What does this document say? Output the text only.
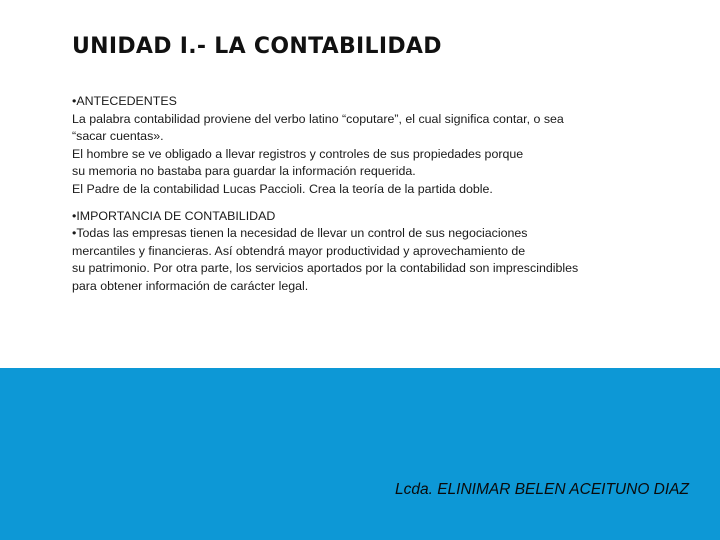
UNIDAD I.- LA CONTABILIDAD
•ANTECEDENTES
La palabra contabilidad proviene del verbo latino “coputare”, el cual significa contar, o sea
“sacar cuentas».
El hombre se ve obligado a llevar registros y controles de sus propiedades porque
su memoria no bastaba para guardar la información requerida.
El Padre de la contabilidad Lucas Paccioli. Crea la teoría de la partida doble.
•IMPORTANCIA DE CONTABILIDAD
•Todas las empresas tienen la necesidad de llevar un control de sus negociaciones
mercantiles y financieras. Así obtendrá mayor productividad y aprovechamiento de
su patrimonio. Por otra parte, los servicios aportados por la contabilidad son imprescindibles
para obtener información de carácter legal.
Lcda. ELINIMAR BELEN ACEITUNO DIAZ
